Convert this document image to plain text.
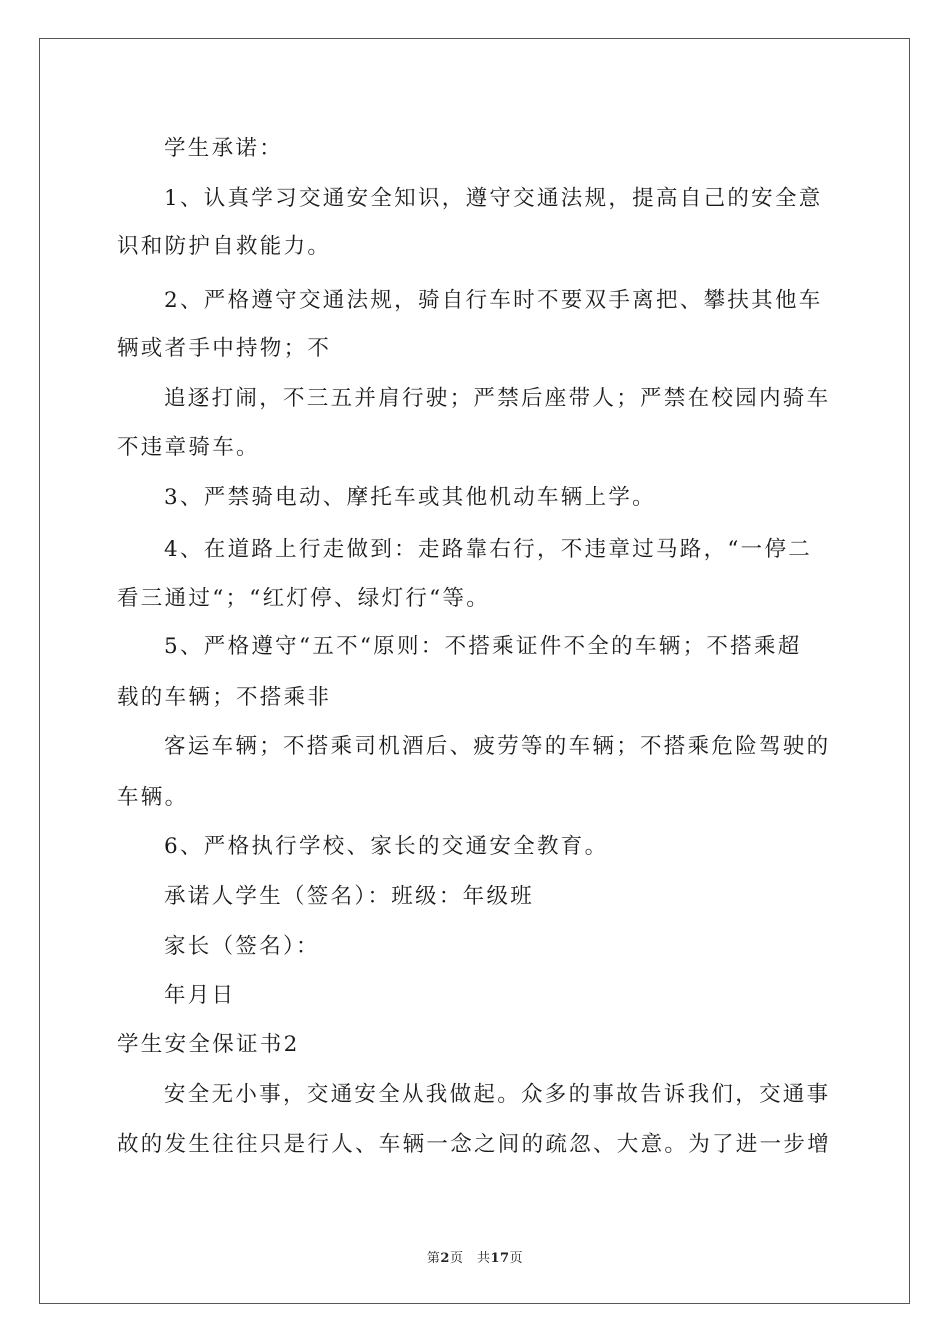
学生承诺：
1、认真学习交通安全知识，遵守交通法规，提高自己的安全意
识和防护自救能力。
2、严格遵守交通法规，骑自行车时不要双手离把、攀扶其他车
辆或者手中持物；不
追逐打闹，不三五并肩行驶；严禁后座带人；严禁在校园内骑车
不违章骑车。
3、严禁骑电动、摩托车或其他机动车辆上学。
4、在道路上行走做到：走路靠右行，不违章过马路，“一停二
看三通过“；“红灯停、绿灯行“等。
5、严格遵守“五不“原则：不搭乘证件不全的车辆；不搭乘超
载的车辆；不搭乘非
客运车辆；不搭乘司机酒后、疲劳等的车辆；不搭乘危险驾驶的
车辆。
6、严格执行学校、家长的交通安全教育。
承诺人学生（签名）：班级：年级班
家长（签名）：
年月日
学生安全保证书2
安全无小事，交通安全从我做起。众多的事故告诉我们，交通事
故的发生往往只是行人、车辆一念之间的疏忽、大意。为了进一步增
第2页　共17页
